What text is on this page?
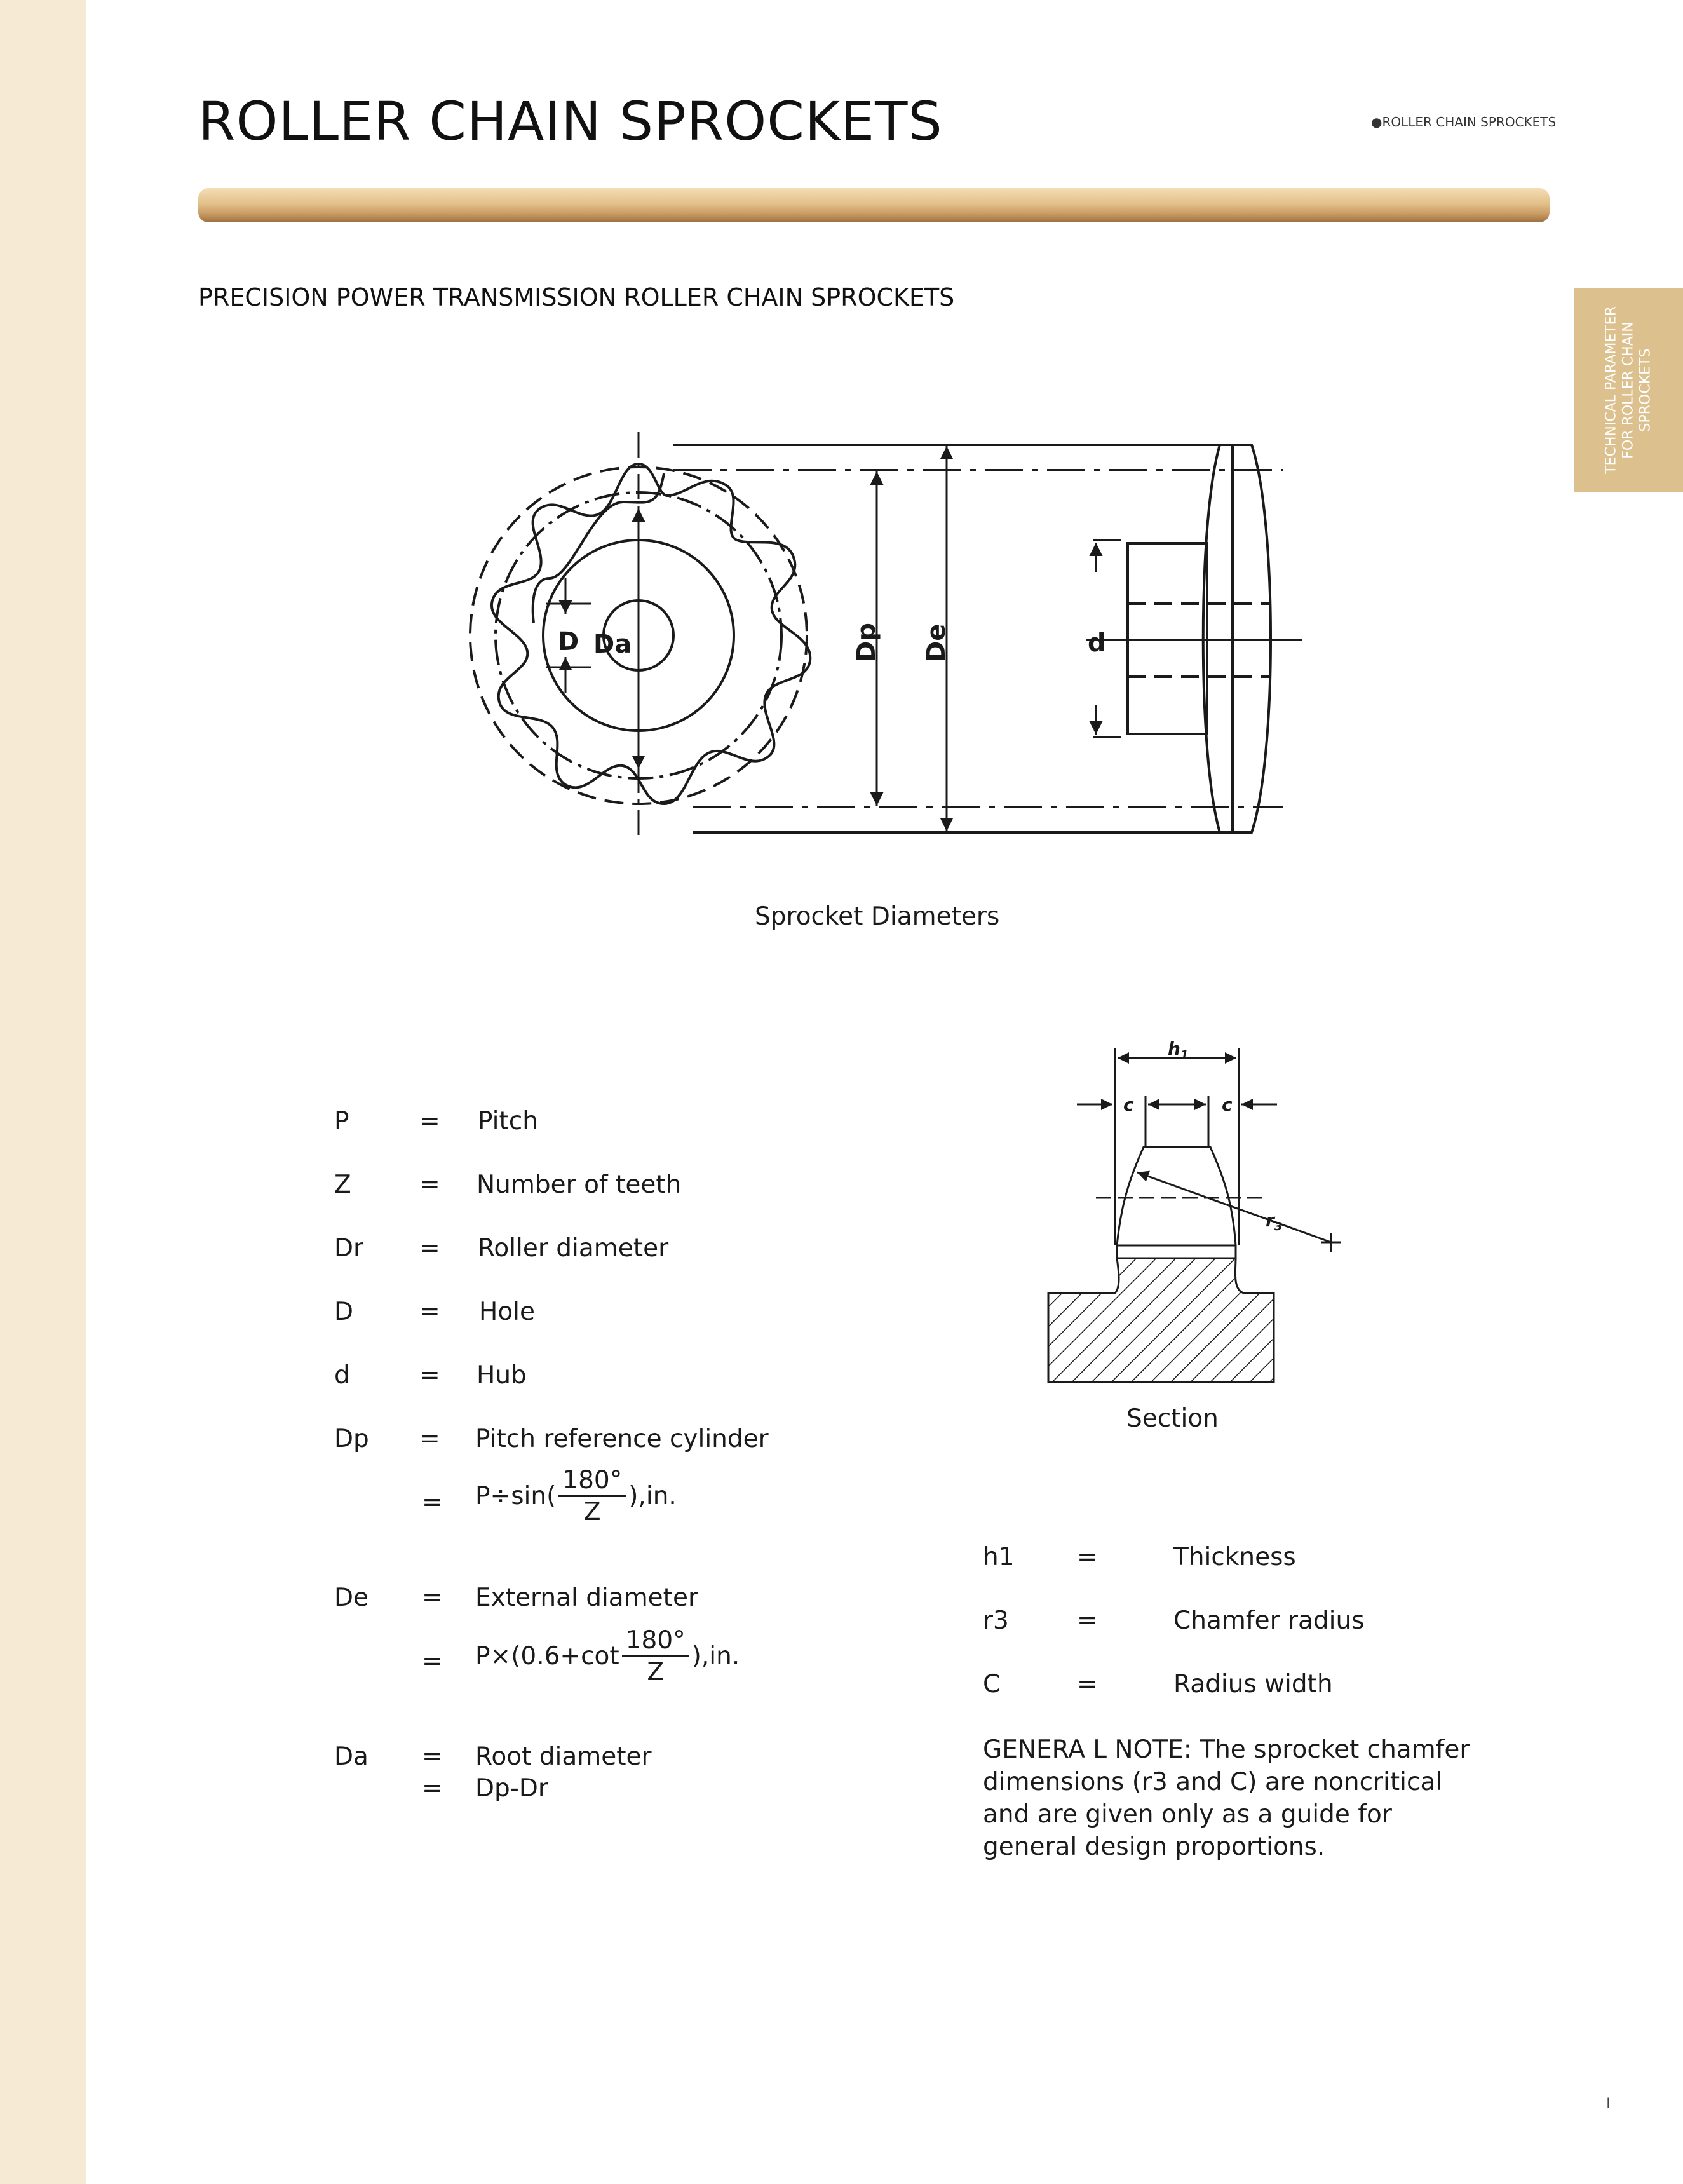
ROLLER CHAIN SPROCKETS	●ROLLER CHAIN SPROCKETS
PRECISION POWER TRANSMISSION ROLLER CHAIN SPROCKETS
TECHNICAL PARAMETER FOR ROLLER CHAIN SPROCKETS
D Da	Dp De	d
Sprocket Diameters
$h_1$
c	c
$r_3$
Section
P	= Pitch
Z	= Number of teeth
Dr = Roller diameter
D	= Hole
d	= Hub
Dp = Pitch reference cylinder
= $P\div\sin( \frac{180^\circ}{Z} ),in$.
De = External diameter
= $P\times(0.6+\cot \frac{180^\circ}{Z} ),in$.
Da = Root diameter
= Dp-Dr
h1	=	Thickness
r3	=	Chamfer radius
C	=	Radius width
GENERA L NOTE: The sprocket chamfer dimensions (r3 and C) are noncritical and are given only as a guide for general design proportions.
I
